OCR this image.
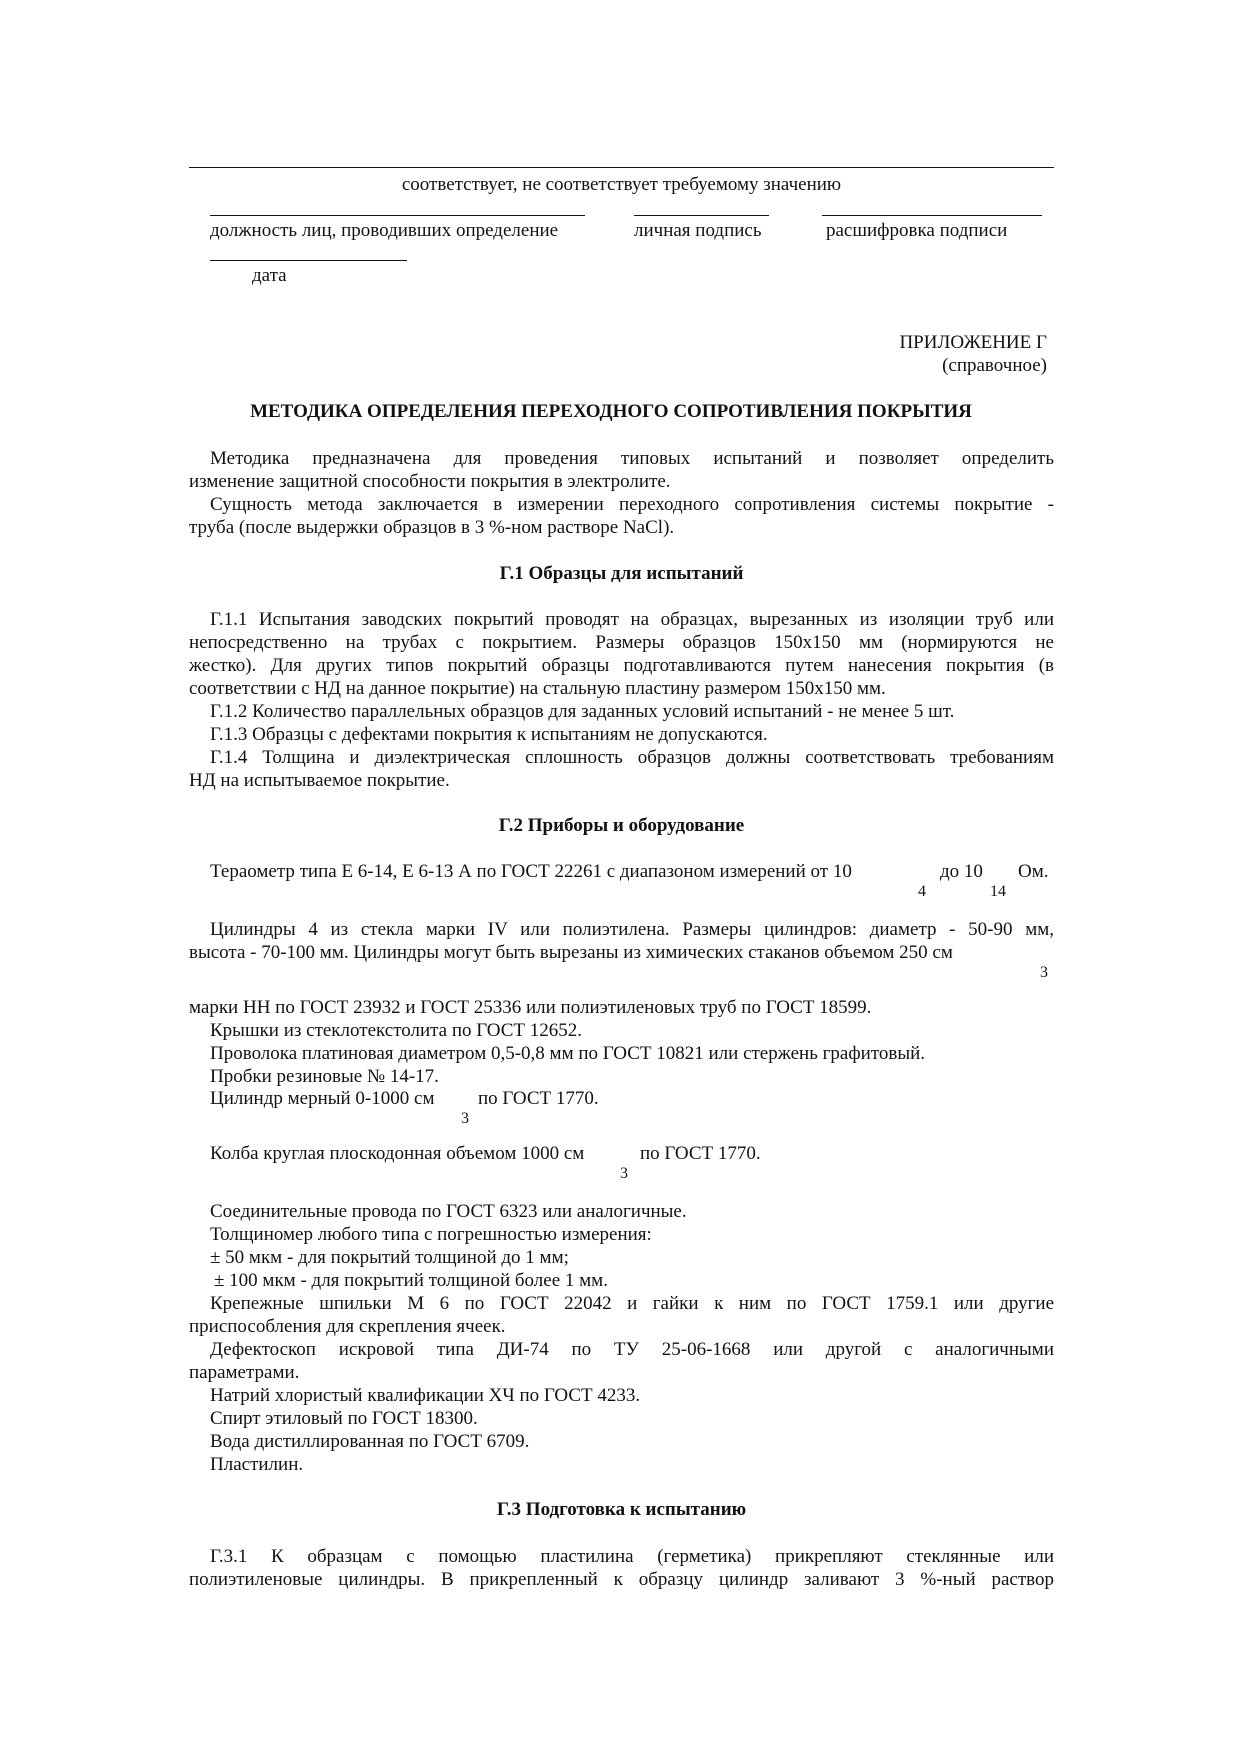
соответствует, не соответствует требуемому значению
должность лиц, проводивших определение	личная подпись	расшифровка подписи
дата
ПРИЛОЖЕНИЕ Г
(справочное)
МЕТОДИКА ОПРЕДЕЛЕНИЯ ПЕРЕХОДНОГО СОПРОТИВЛЕНИЯ ПОКРЫТИЯ
Методика предназначена для проведения типовых испытаний и позволяет определить
изменение защитной способности покрытия в электролите.
Сущность метода заключается в измерении переходного сопротивления системы покрытие -
труба (после выдержки образцов в 3 %-ном растворе NaCl).
Г.1 Образцы для испытаний
Г.1.1 Испытания заводских покрытий проводят на образцах, вырезанных из изоляции труб или
непосредственно на трубах с покрытием. Размеры образцов 150x150 мм (нормируются не
жестко). Для других типов покрытий образцы подготавливаются путем нанесения покрытия (в
соответствии с НД на данное покрытие) на стальную пластину размером 150x150 мм.
Г.1.2 Количество параллельных образцов для заданных условий испытаний - не менее 5 шт.
Г.1.3 Образцы с дефектами покрытия к испытаниям не допускаются.
Г.1.4 Толщина и диэлектрическая сплошность образцов должны соответствовать требованиям
НД на испытываемое покрытие.
Г.2 Приборы и оборудование
Тераометр типа Е 6-14, Е 6-13 А по ГОСТ 22261 с диапазоном измерений от 10
4
до 10
14
Ом.
Цилиндры 4 из стекла марки IV или полиэтилена. Размеры цилиндров: диаметр - 50-90 мм,
высота - 70-100 мм. Цилиндры могут быть вырезаны из химических стаканов объемом 250 см
3
марки НН по ГОСТ 23932 и ГОСТ 25336 или полиэтиленовых труб по ГОСТ 18599.
Крышки из стеклотекстолита по ГОСТ 12652.
Проволока платиновая диаметром 0,5-0,8 мм по ГОСТ 10821 или стержень графитовый.
Пробки резиновые № 14-17.
Цилиндр мерный 0-1000 см
3
по ГОСТ 1770.
Колба круглая плоскодонная объемом 1000 см
3
по ГОСТ 1770.
Соединительные провода по ГОСТ 6323 или аналогичные.
Толщиномер любого типа с погрешностью измерения:
± 50 мкм - для покрытий толщиной до 1 мм;
± 100 мкм - для покрытий толщиной более 1 мм.
Крепежные шпильки М 6 по ГОСТ 22042 и гайки к ним по ГОСТ 1759.1 или другие
приспособления для скрепления ячеек.
Дефектоскоп искровой типа ДИ-74 по ТУ 25-06-1668 или другой с аналогичными
параметрами.
Натрий хлористый квалификации ХЧ по ГОСТ 4233.
Спирт этиловый по ГОСТ 18300.
Вода дистиллированная по ГОСТ 6709.
Пластилин.
Г.3 Подготовка к испытанию
Г.3.1 К образцам с помощью пластилина (герметика) прикрепляют стеклянные или
полиэтиленовые цилиндры. В прикрепленный к образцу цилиндр заливают 3 %-ный раствор
